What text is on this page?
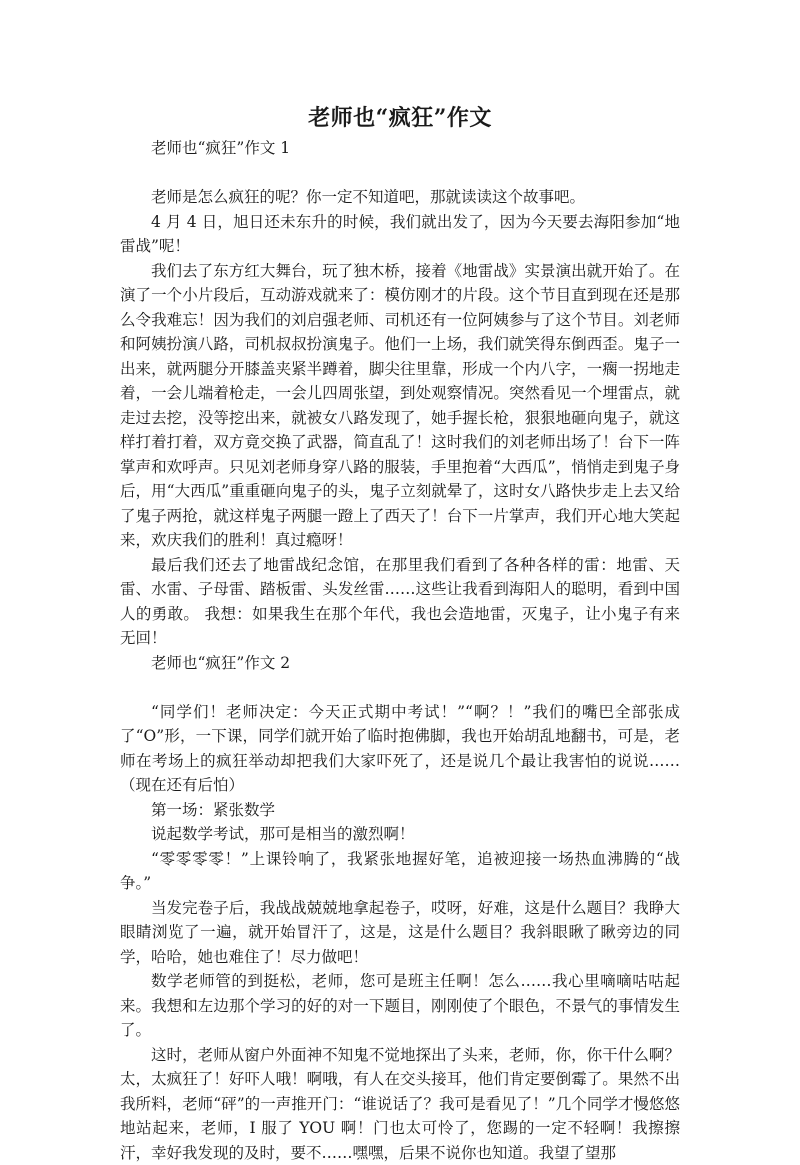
老师也“疯狂”作文

老师也“疯狂”作文 1

老师是怎么疯狂的呢？你一定不知道吧，那就读读这个故事吧。

4 月 4 日，旭日还未东升的时候，我们就出发了，因为今天要去海阳参加“地雷战”呢！

我们去了东方红大舞台，玩了独木桥，接着《地雷战》实景演出就开始了。在演了一个小片段后，互动游戏就来了：模仿刚才的片段。这个节目直到现在还是那么令我难忘！因为我们的刘启强老师、司机还有一位阿姨参与了这个节目。刘老师和阿姨扮演八路，司机叔叔扮演鬼子。他们一上场，我们就笑得东倒西歪。鬼子一出来，就两腿分开膝盖夹紧半蹲着，脚尖往里靠，形成一个内八字，一瘸一拐地走着，一会儿端着枪走，一会儿四周张望，到处观察情况。突然看见一个埋雷点，就走过去挖，没等挖出来，就被女八路发现了，她手握长枪，狠狠地砸向鬼子，就这样打着打着，双方竟交换了武器，简直乱了！这时我们的刘老师出场了！台下一阵掌声和欢呼声。只见刘老师身穿八路的服装，手里抱着“大西瓜”，悄悄走到鬼子身后，用“大西瓜”重重砸向鬼子的头，鬼子立刻就晕了，这时女八路快步走上去又给了鬼子两抢，就这样鬼子两腿一蹬上了西天了！台下一片掌声，我们开心地大笑起来，欢庆我们的胜利！真过瘾呀！

最后我们还去了地雷战纪念馆，在那里我们看到了各种各样的雷：地雷、天雷、水雷、子母雷、踏板雷、头发丝雷……这些让我看到海阳人的聪明，看到中国人的勇敢。 我想：如果我生在那个年代，我也会造地雷，灭鬼子，让小鬼子有来无回！

老师也“疯狂”作文 2

“同学们！老师决定：今天正式期中考试！”“啊？！”我们的嘴巴全部张成了“O”形，一下课，同学们就开始了临时抱佛脚，我也开始胡乱地翻书，可是，老师在考场上的疯狂举动却把我们大家吓死了，还是说几个最让我害怕的说说……（现在还有后怕）

第一场：紧张数学

说起数学考试，那可是相当的激烈啊！

“零零零零！”上课铃响了，我紧张地握好笔，追被迎接一场热血沸腾的“战争。”

当发完卷子后，我战战兢兢地拿起卷子，哎呀，好难，这是什么题目？我睁大眼睛浏览了一遍，就开始冒汗了，这是，这是什么题目？我斜眼瞅了瞅旁边的同学，哈哈，她也难住了！尽力做吧！

数学老师管的到挺松，老师，您可是班主任啊！怎么……我心里嘀嘀咕咕起来。我想和左边那个学习的好的对一下题目，刚刚使了个眼色，不景气的事情发生了。

这时，老师从窗户外面神不知鬼不觉地探出了头来，老师，你，你干什么啊？太，太疯狂了！好吓人哦！啊哦，有人在交头接耳，他们肯定要倒霉了。果然不出我所料，老师“砰”的一声推开门：“谁说话了？我可是看见了！”几个同学才慢悠悠地站起来，老师，I 服了 YOU 啊！门也太可怜了，您踢的一定不轻啊！我擦擦汗，幸好我发现的及时，要不……嘿嘿，后果不说你也知道。我望了望那
